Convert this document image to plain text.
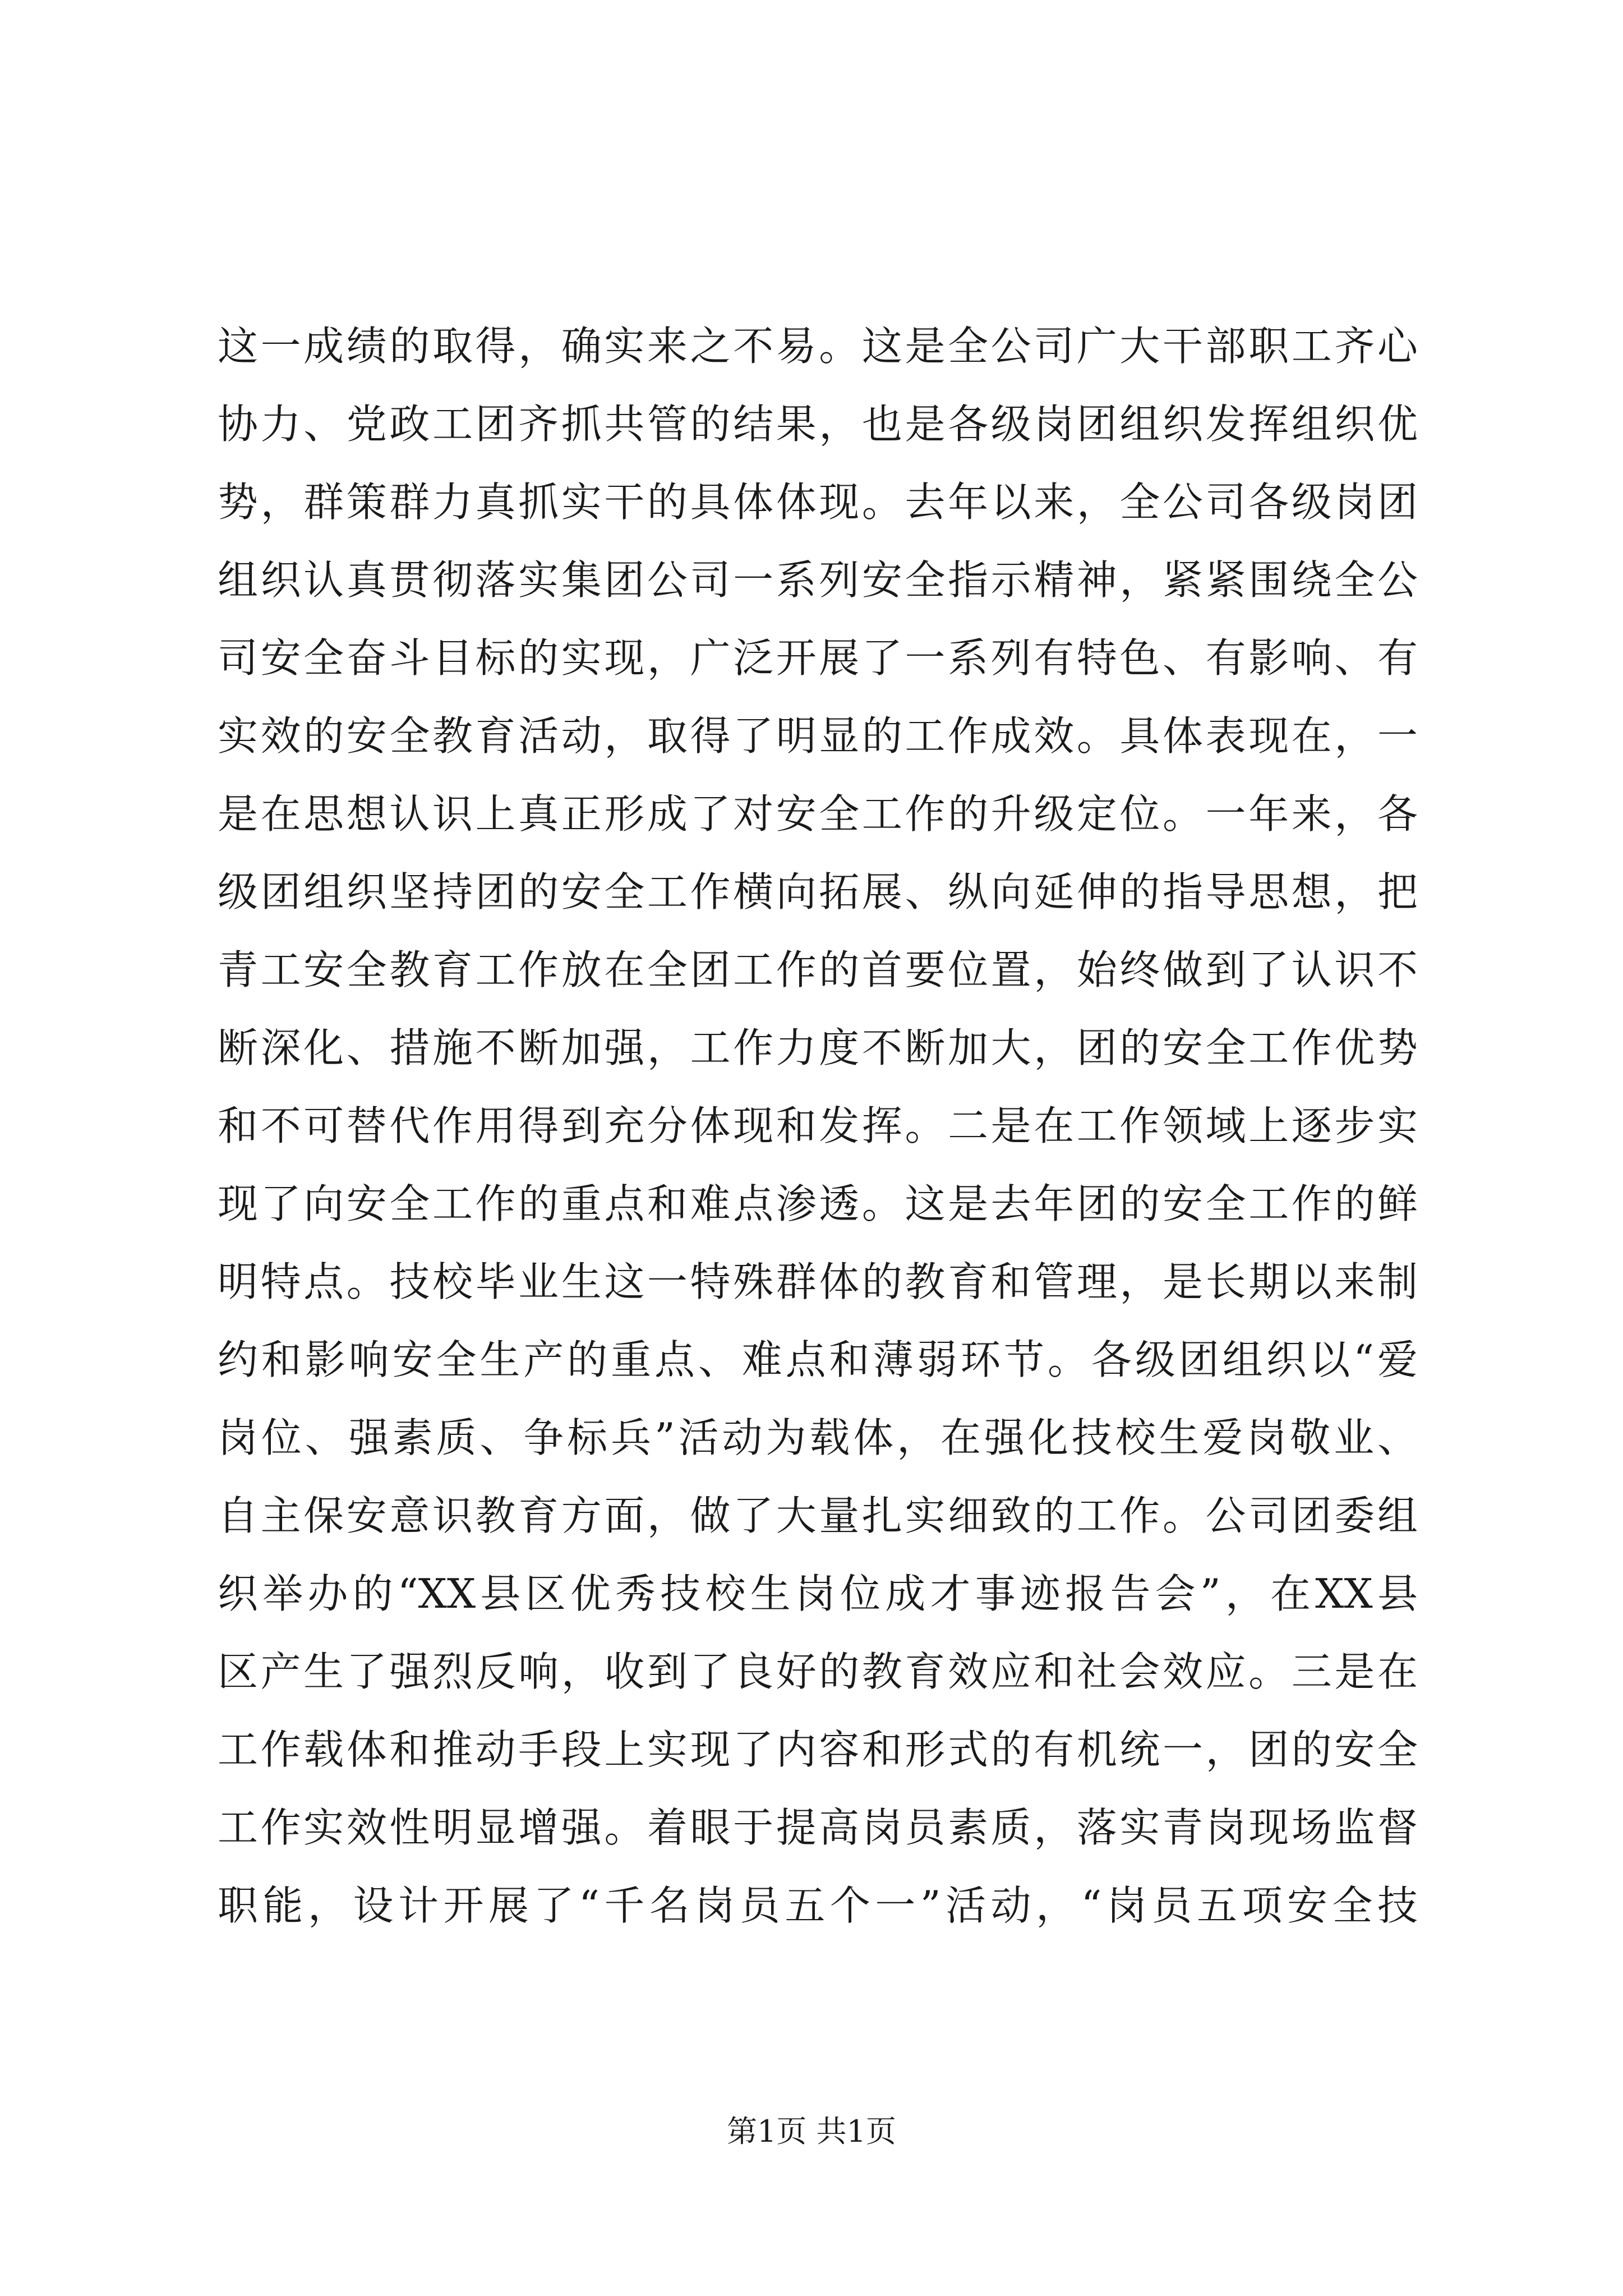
这一成绩的取得，确实来之不易。这是全公司广大干部职工齐心
协力、党政工团齐抓共管的结果，也是各级岗团组织发挥组织优
势，群策群力真抓实干的具体体现。去年以来，全公司各级岗团
组织认真贯彻落实集团公司一系列安全指示精神，紧紧围绕全公
司安全奋斗目标的实现，广泛开展了一系列有特色、有影响、有
实效的安全教育活动，取得了明显的工作成效。具体表现在，一
是在思想认识上真正形成了对安全工作的升级定位。一年来，各
级团组织坚持团的安全工作横向拓展、纵向延伸的指导思想，把
青工安全教育工作放在全团工作的首要位置，始终做到了认识不
断深化、措施不断加强，工作力度不断加大，团的安全工作优势
和不可替代作用得到充分体现和发挥。二是在工作领域上逐步实
现了向安全工作的重点和难点渗透。这是去年团的安全工作的鲜
明特点。技校毕业生这一特殊群体的教育和管理，是长期以来制
约和影响安全生产的重点、难点和薄弱环节。各级团组织以“爱
岗位、强素质、争标兵”活动为载体，在强化技校生爱岗敬业、
自主保安意识教育方面，做了大量扎实细致的工作。公司团委组
织举办的“XX县区优秀技校生岗位成才事迹报告会”，在XX县
区产生了强烈反响，收到了良好的教育效应和社会效应。三是在
工作载体和推动手段上实现了内容和形式的有机统一，团的安全
工作实效性明显增强。着眼于提高岗员素质，落实青岗现场监督
职能，设计开展了“千名岗员五个一”活动，“岗员五项安全技
第1页 共1页
